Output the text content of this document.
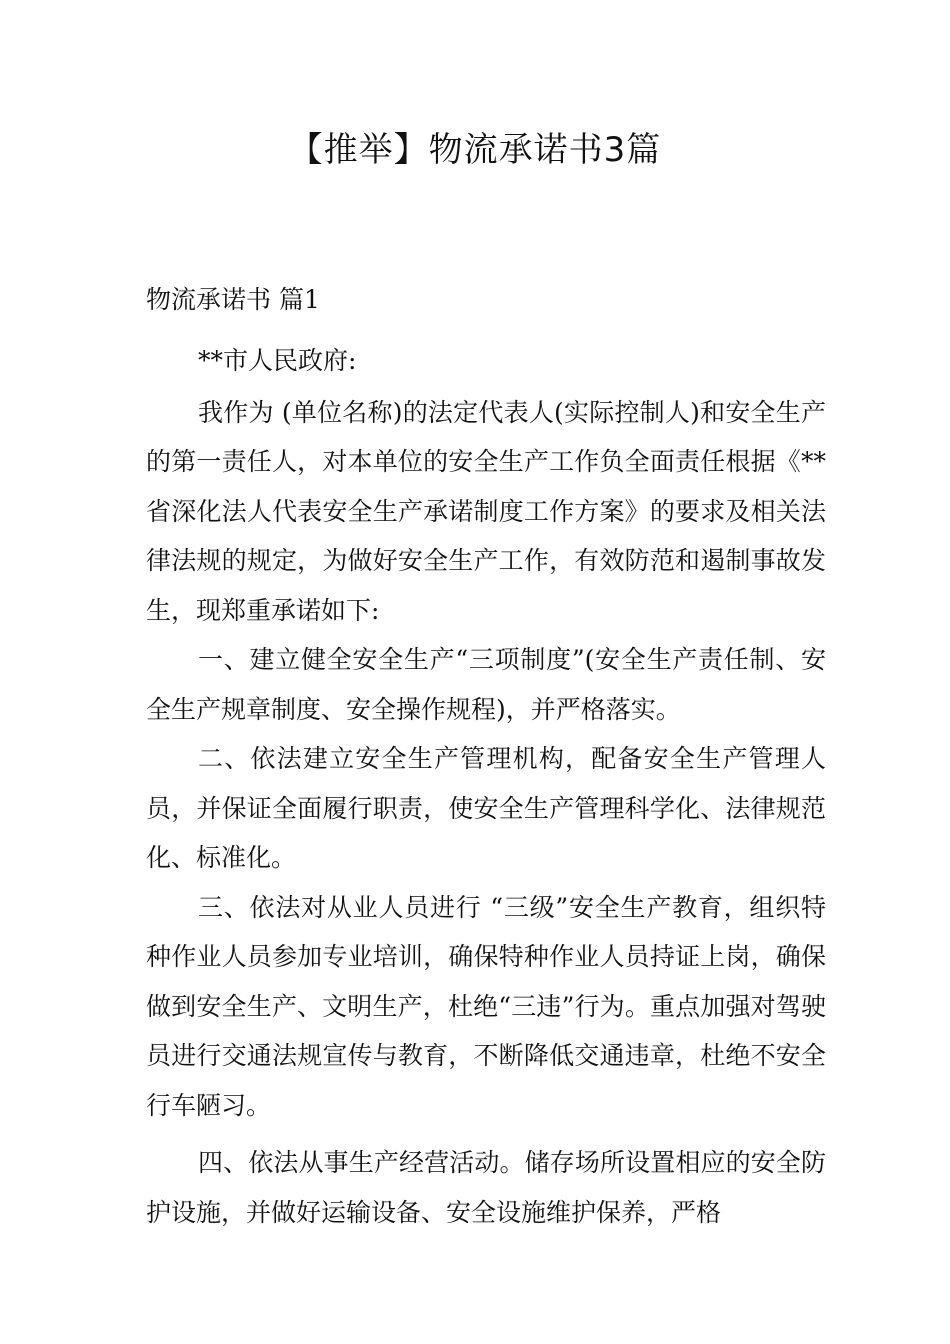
【推举】物流承诺书3篇
物流承诺书 篇1

**市人民政府:

我作为 (单位名称)的法定代表人(实际控制人)和安全生产的第一责任人，对本单位的安全生产工作负全面责任根据《**省深化法人代表安全生产承诺制度工作方案》的要求及相关法律法规的规定，为做好安全生产工作，有效防范和遏制事故发生，现郑重承诺如下:

一、建立健全安全生产“三项制度”(安全生产责任制、安全生产规章制度、安全操作规程)，并严格落实。

二、依法建立安全生产管理机构，配备安全生产管理人员，并保证全面履行职责，使安全生产管理科学化、法律规范化、标准化。

三、依法对从业人员进行 “三级”安全生产教育，组织特种作业人员参加专业培训，确保特种作业人员持证上岗，确保做到安全生产、文明生产，杜绝“三违”行为。重点加强对驾驶员进行交通法规宣传与教育，不断降低交通违章，杜绝不安全行车陋习。

四、依法从事生产经营活动。储存场所设置相应的安全防护设施，并做好运输设备、安全设施维护保养，严格
